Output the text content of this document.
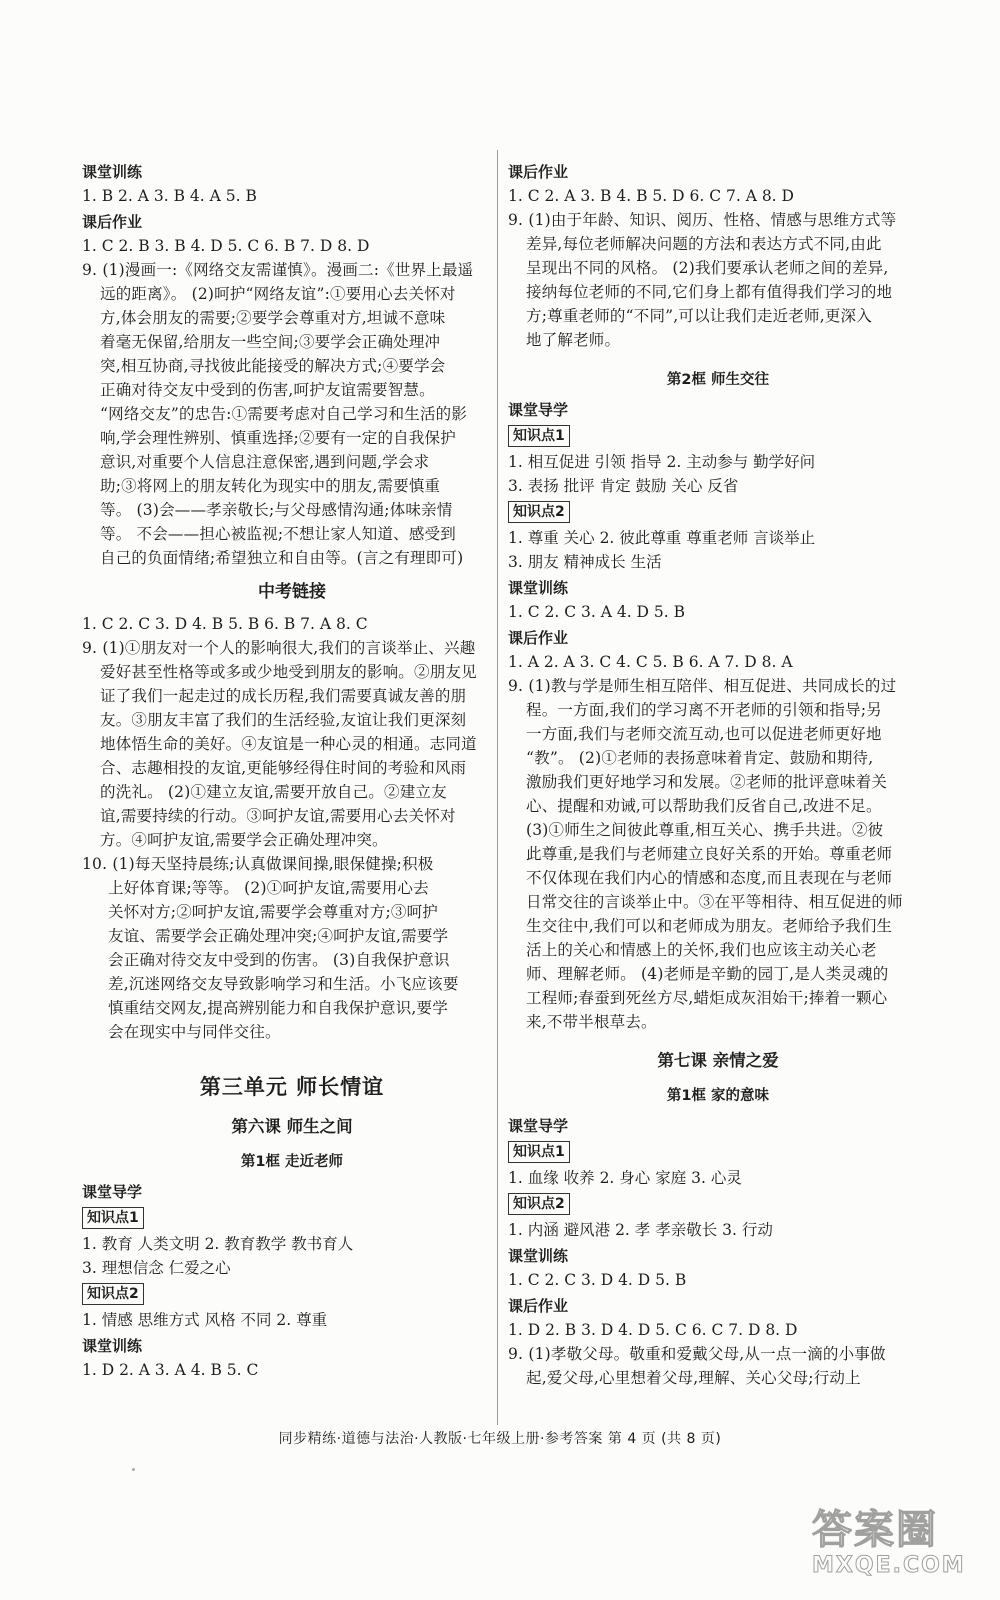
课堂训练
1. B 2. A 3. B 4. A 5. B
课后作业
1. C 2. B 3. B 4. D 5. C 6. B 7. D 8. D
9. (1)漫画一:《网络交友需谨慎》。漫画二:《世界上最遥
远的距离》。 (2)呵护“网络友谊”:①要用心去关怀对
方,体会朋友的需要;②要学会尊重对方,坦诚不意味
着毫无保留,给朋友一些空间;③要学会正确处理冲
突,相互协商,寻找彼此能接受的解决方式;④要学会
正确对待交友中受到的伤害,呵护友谊需要智慧。
“网络交友”的忠告:①需要考虑对自己学习和生活的影
响,学会理性辨别、慎重选择;②要有一定的自我保护
意识,对重要个人信息注意保密,遇到问题,学会求
助;③将网上的朋友转化为现实中的朋友,需要慎重
等。 (3)会——孝亲敬长;与父母感情沟通;体味亲情
等。 不会——担心被监视;不想让家人知道、感受到
自己的负面情绪;希望独立和自由等。(言之有理即可)
中考链接
1. C 2. C 3. D 4. B 5. B 6. B 7. A 8. C
9. (1)①朋友对一个人的影响很大,我们的言谈举止、兴趣
爱好甚至性格等或多或少地受到朋友的影响。②朋友见
证了我们一起走过的成长历程,我们需要真诚友善的朋
友。③朋友丰富了我们的生活经验,友谊让我们更深刻
地体悟生命的美好。④友谊是一种心灵的相通。志同道
合、志趣相投的友谊,更能够经得住时间的考验和风雨
的洗礼。 (2)①建立友谊,需要开放自己。②建立友
谊,需要持续的行动。③呵护友谊,需要用心去关怀对
方。④呵护友谊,需要学会正确处理冲突。
10. (1)每天坚持晨练;认真做课间操,眼保健操;积极
上好体育课;等等。 (2)①呵护友谊,需要用心去
关怀对方;②呵护友谊,需要学会尊重对方;③呵护
友谊、需要学会正确处理冲突;④呵护友谊,需要学
会正确对待交友中受到的伤害。 (3)自我保护意识
差,沉迷网络交友导致影响学习和生活。小飞应该要
慎重结交网友,提高辨别能力和自我保护意识,要学
会在现实中与同伴交往。
第三单元 师长情谊
第六课 师生之间
第1框 走近老师
课堂导学
知识点1
1. 教育 人类文明 2. 教育教学 教书育人
3. 理想信念 仁爱之心
知识点2
1. 情感 思维方式 风格 不同 2. 尊重
课堂训练
1. D 2. A 3. A 4. B 5. C
课后作业
1. C 2. A 3. B 4. B 5. D 6. C 7. A 8. D
9. (1)由于年龄、知识、阅历、性格、情感与思维方式等
差异,每位老师解决问题的方法和表达方式不同,由此
呈现出不同的风格。 (2)我们要承认老师之间的差异,
接纳每位老师的不同,它们身上都有值得我们学习的地
方;尊重老师的“不同”,可以让我们走近老师,更深入
地了解老师。
第2框 师生交往
课堂导学
知识点1
1. 相互促进 引领 指导 2. 主动参与 勤学好问
3. 表扬 批评 肯定 鼓励 关心 反省
知识点2
1. 尊重 关心 2. 彼此尊重 尊重老师 言谈举止
3. 朋友 精神成长 生活
课堂训练
1. C 2. C 3. A 4. D 5. B
课后作业
1. A 2. A 3. C 4. C 5. B 6. A 7. D 8. A
9. (1)教与学是师生相互陪伴、相互促进、共同成长的过
程。一方面,我们的学习离不开老师的引领和指导;另
一方面,我们与老师交流互动,也可以促进老师更好地
“教”。 (2)①老师的表扬意味着肯定、鼓励和期待,
激励我们更好地学习和发展。②老师的批评意味着关
心、提醒和劝诫,可以帮助我们反省自己,改进不足。
(3)①师生之间彼此尊重,相互关心、携手共进。②彼
此尊重,是我们与老师建立良好关系的开始。尊重老师
不仅体现在我们内心的情感和态度,而且表现在与老师
日常交往的言谈举止中。③在平等相待、相互促进的师
生交往中,我们可以和老师成为朋友。老师给予我们生
活上的关心和情感上的关怀,我们也应该主动关心老
师、理解老师。 (4)老师是辛勤的园丁,是人类灵魂的
工程师;春蚕到死丝方尽,蜡炬成灰泪始干;捧着一颗心
来,不带半根草去。
第七课 亲情之爱
第1框 家的意味
课堂导学
知识点1
1. 血缘 收养 2. 身心 家庭 3. 心灵
知识点2
1. 内涵 避风港 2. 孝 孝亲敬长 3. 行动
课堂训练
1. C 2. C 3. D 4. D 5. B
课后作业
1. D 2. B 3. D 4. D 5. C 6. C 7. D 8. D
9. (1)孝敬父母。敬重和爱戴父母,从一点一滴的小事做
起,爱父母,心里想着父母,理解、关心父母;行动上
同步精练·道德与法治·人教版·七年级上册·参考答案 第 4 页 (共 8 页)
答案圈
MXQE.COM
